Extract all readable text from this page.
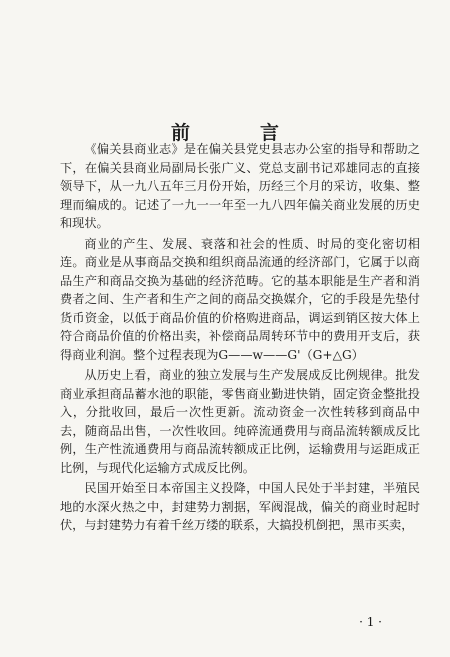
前	言

《偏关县商业志》是在偏关县党史县志办公室的指导和帮助之下，在偏关县商业局副局长张广义、党总支副书记邓雄同志的直接领导下，从一九八五年三月份开始，历经三个月的采访，收集、整理而编成的。记述了一九一一年至一九八四年偏关商业发展的历史和现状。

商业的产生、发展、衰落和社会的性质、时局的变化密切相连。商业是从事商品交换和组织商品流通的经济部门，它属于以商品生产和商品交换为基础的经济范畴。它的基本职能是生产者和消费者之间、生产者和生产之间的商品交换媒介，它的手段是先垫付货币资金，以低于商品价值的价格购进商品，调运到销区按大体上符合商品价值的价格出卖，补偿商品周转环节中的费用开支后，获得商业利润。整个过程表现为G——w——G'（G+△G）

从历史上看，商业的独立发展与生产发展成反比例规律。批发商业承担商品蓄水池的职能，零售商业勤进快销，固定资金整批投入，分批收回，最后一次性更新。流动资金一次性转移到商品中去，随商品出售，一次性收回。纯碎流通费用与商品流转额成反比例，生产性流通费用与商品流转额成正比例，运输费用与运距成正比例，与现代化运输方式成反比例。

民国开始至日本帝国主义投降，中国人民处于半封建，半殖民地的水深火热之中，封建势力割据，军阀混战，偏关的商业时起时伏，与封建势力有着千丝万缕的联系，大搞投机倒把，黑市买卖，

· 1 ·
